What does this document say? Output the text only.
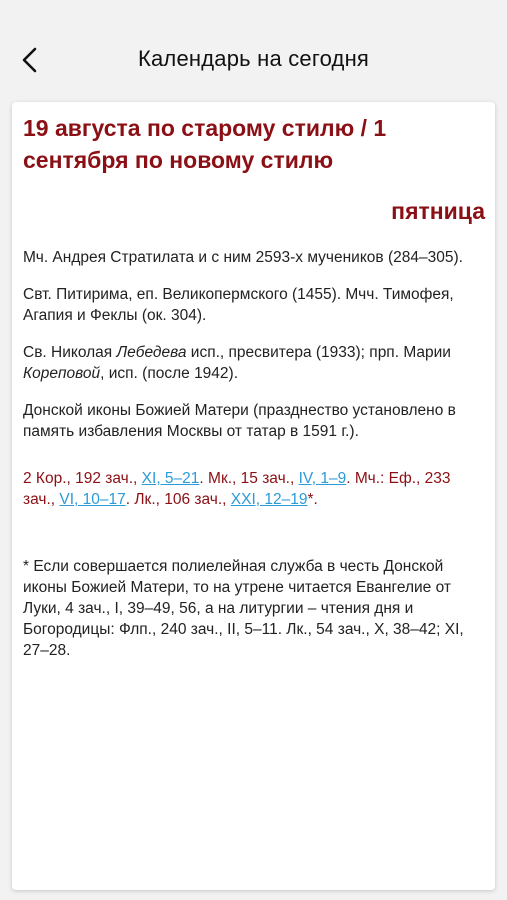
Календарь на сегодня
19 августа по старому стилю / 1 сентября по новому стилю
пятница

Мч. Андрея Стратилата и с ним 2593-х мучеников (284–305).

Свт. Питирима, еп. Великопермского (1455). Мчч. Тимофея, Агапия и Феклы (ок. 304).

Св. Николая Лебедева исп., пресвитера (1933); прп. Марии Кореповой, исп. (после 1942).

Донской иконы Божией Матери (празднество установлено в память избавления Москвы от татар в 1591 г.).

2 Кор., 192 зач., XI, 5–21. Мк., 15 зач., IV, 1–9. Мч.: Еф., 233 зач., VI, 10–17. Лк., 106 зач., XXI, 12–19*.
* Если совершается полиелейная служба в честь Донской иконы Божией Матери, то на утрене читается Евангелие от Луки, 4 зач., I, 39–49, 56, а на литургии – чтения дня и Богородицы: Флп., 240 зач., II, 5–11. Лк., 54 зач., X, 38–42; XI, 27–28.
